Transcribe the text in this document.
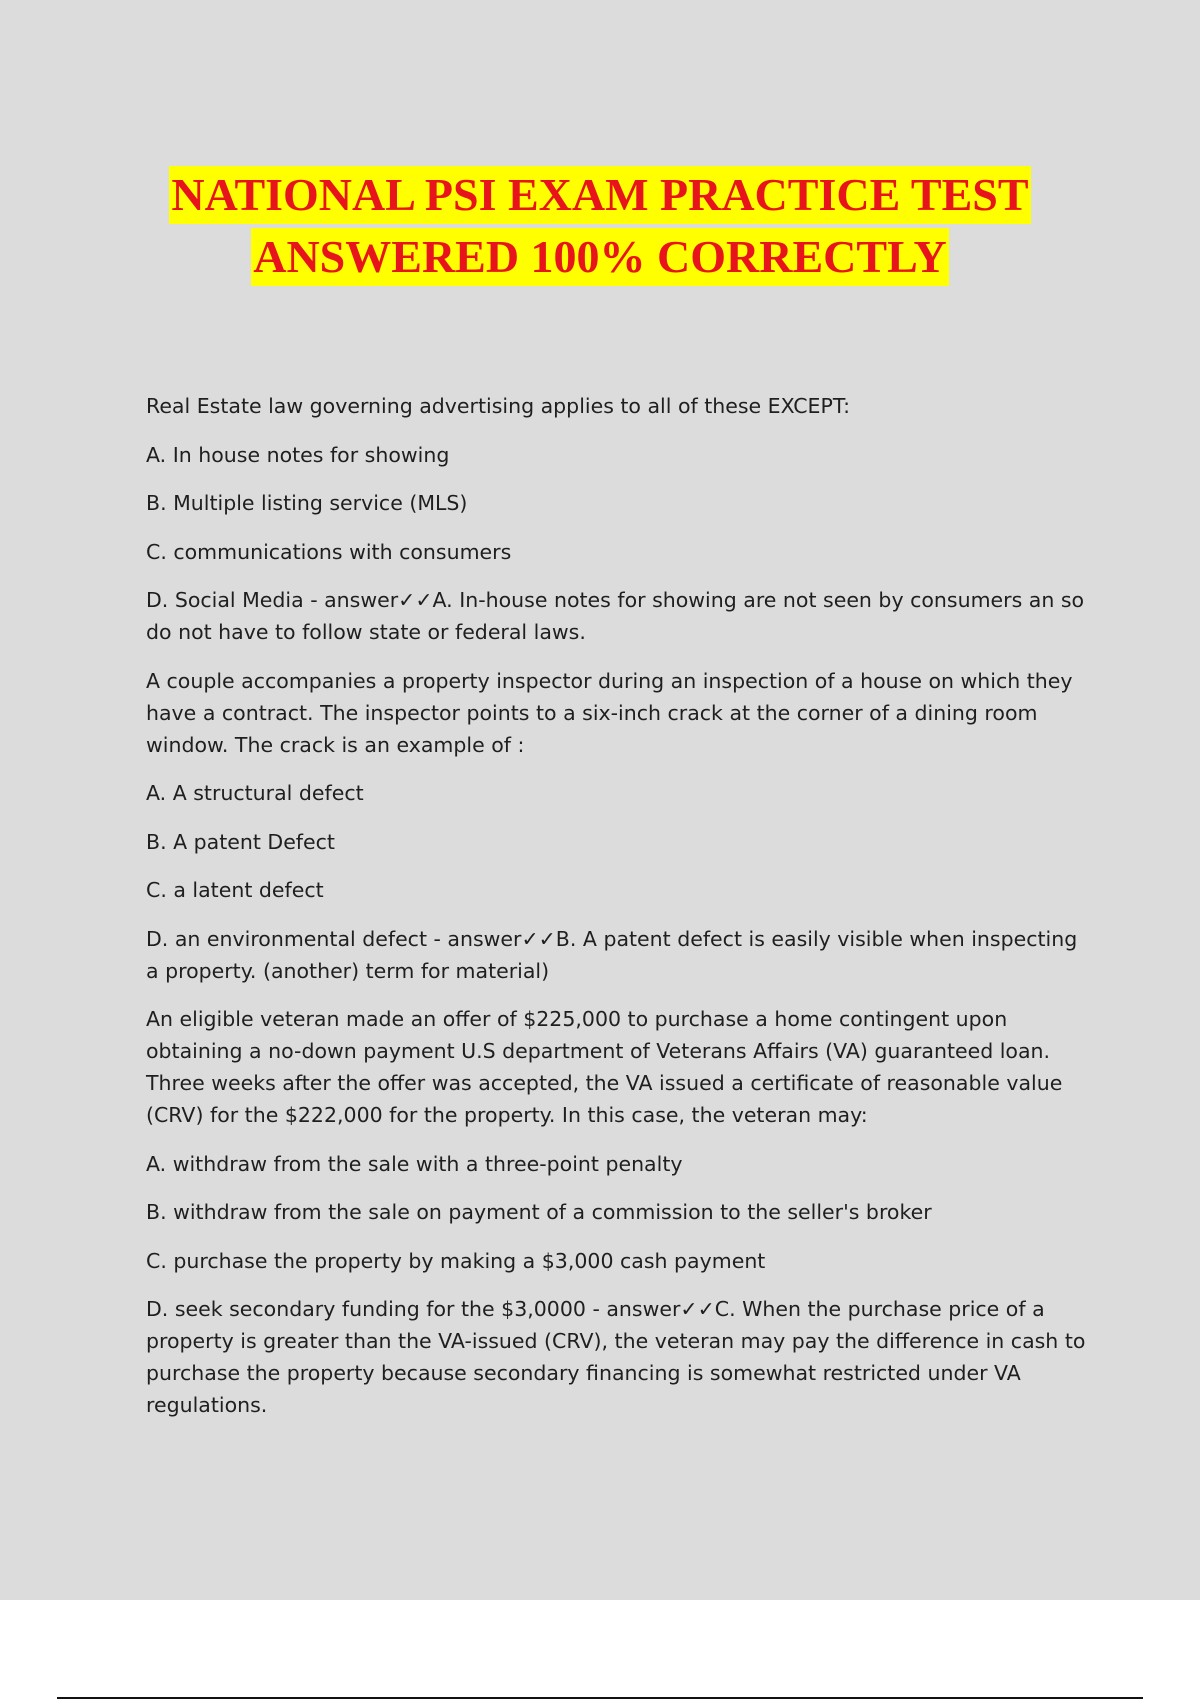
NATIONAL PSI EXAM PRACTICE TEST
ANSWERED 100% CORRECTLY

Real Estate law governing advertising applies to all of these EXCEPT:

A. In house notes for showing

B. Multiple listing service (MLS)

C. communications with consumers

D. Social Media - answer✓✓A. In-house notes for showing are not seen by consumers an so do not have to follow state or federal laws.

A couple accompanies a property inspector during an inspection of a house on which they have a contract. The inspector points to a six-inch crack at the corner of a dining room window. The crack is an example of :

A. A structural defect

B. A patent Defect

C. a latent defect

D. an environmental defect - answer✓✓B. A patent defect is easily visible when inspecting a property. (another) term for material)

An eligible veteran made an offer of $225,000 to purchase a home contingent upon obtaining a no-down payment U.S department of Veterans Affairs (VA) guaranteed loan. Three weeks after the offer was accepted, the VA issued a certificate of reasonable value (CRV) for the $222,000 for the property. In this case, the veteran may:

A. withdraw from the sale with a three-point penalty

B. withdraw from the sale on payment of a commission to the seller's broker

C. purchase the property by making a $3,000 cash payment

D. seek secondary funding for the $3,0000 - answer✓✓C. When the purchase price of a property is greater than the VA-issued (CRV), the veteran may pay the difference in cash to purchase the property because secondary financing is somewhat restricted under VA regulations.
